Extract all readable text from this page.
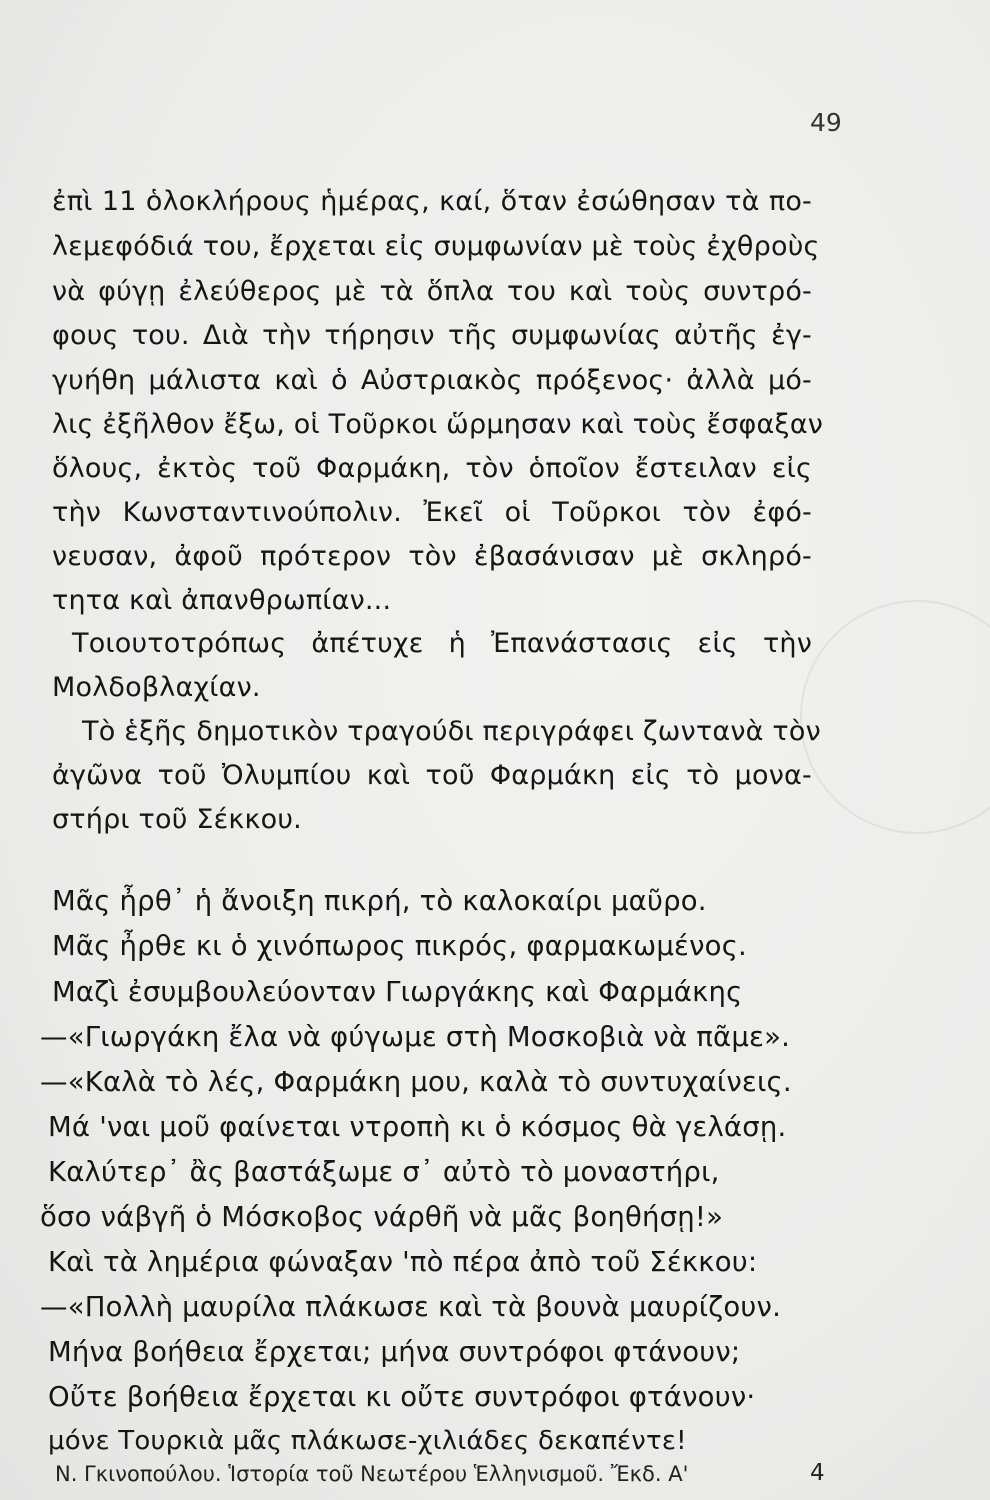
49
ἐπὶ 11 ὁλοκλήρους ἡμέρας, καί, ὅταν ἐσώθησαν τὰ πο-
λεμεφόδιά του, ἔρχεται εἰς συμφωνίαν μὲ τοὺς ἐχθροὺς
νὰ φύγῃ ἐλεύθερος μὲ τὰ ὅπλα του καὶ τοὺς συντρό-
φους του. Διὰ τὴν τήρησιν τῆς συμφωνίας αὐτῆς ἐγ-
γυήθη μάλιστα καὶ ὁ Αὐστριακὸς πρόξενος· ἀλλὰ μό-
λις ἐξῆλθον ἔξω, οἱ Τοῦρκοι ὥρμησαν καὶ τοὺς ἔσφαξαν
ὅλους, ἐκτὸς τοῦ Φαρμάκη, τὸν ὁποῖον ἔστειλαν εἰς
τὴν Κωνσταντινούπολιν. Ἐκεῖ οἱ Τοῦρκοι τὸν ἐφό-
νευσαν, ἀφοῦ πρότερον τὸν ἐβασάνισαν μὲ σκληρό-
τητα καὶ ἀπανθρωπίαν...
Τοιουτοτρόπως ἀπέτυχε ἡ Ἐπανάστασις εἰς τὴν
Μολδοβλαχίαν.
Τὸ ἑξῆς δημοτικὸν τραγούδι περιγράφει ζωντανὰ τὸν
ἀγῶνα τοῦ Ὀλυμπίου καὶ τοῦ Φαρμάκη εἰς τὸ μονα-
στήρι τοῦ Σέκκου.
Μᾶς ἦρθ᾽ ἡ ἄνοιξη πικρή, τὸ καλοκαίρι μαῦρο.
Μᾶς ἦρθε κι ὁ χινόπωρος πικρός, φαρμακωμένος.
Μαζὶ ἐσυμβουλεύονταν Γιωργάκης καὶ Φαρμάκης
—«Γιωργάκη ἔλα νὰ φύγωμε στὴ Μοσκοβιὰ νὰ πᾶμε».
—«Καλὰ τὸ λές, Φαρμάκη μου, καλὰ τὸ συντυχαίνεις.
Μά 'ναι μοῦ φαίνεται ντροπὴ κι ὁ κόσμος θὰ γελάσῃ.
Καλύτερ᾽ ἂς βαστάξωμε σ᾽ αὐτὸ τὸ μοναστήρι,
ὅσο νάβγῆ ὁ Μόσκοβος νάρθῆ νὰ μᾶς βοηθήσῃ!»
Καὶ τὰ λημέρια φώναξαν 'πὸ πέρα ἀπὸ τοῦ Σέκκου:
—«Πολλὴ μαυρίλα πλάκωσε καὶ τὰ βουνὰ μαυρίζουν.
Μήνα βοήθεια ἔρχεται; μήνα συντρόφοι φτάνουν;
Οὔτε βοήθεια ἔρχεται κι οὔτε συντρόφοι φτάνουν·
μόνε Τουρκιὰ μᾶς πλάκωσε-χιλιάδες δεκαπέντε!
Ν. Γκινοπούλου. Ἱστορία τοῦ Νεωτέρου Ἑλληνισμοῦ. Ἔκδ. Α'	4
